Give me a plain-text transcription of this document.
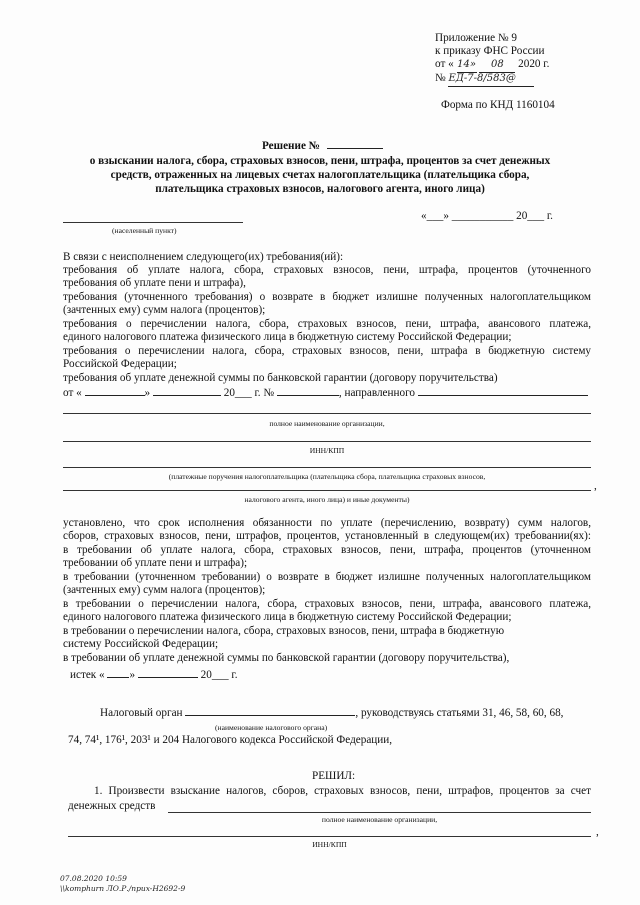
Приложение № 9
к приказу ФНС России
от « 14» 08 2020 г.
№ ЕД-7-8/583@
Форма по КНД 1160104
Решение №
о взыскании налога, сбора, страховых взносов, пени, штрафа, процентов за счет денежных
средств, отраженных на лицевых счетах налогоплательщика (плательщика сбора,
плательщика страховых взносов, налогового агента, иного лица)
(населенный пункт)
«___» ___________ 20___ г.
В связи с неисполнением следующего(их) требования(ий):
требования об уплате налога, сбора, страховых взносов, пени, штрафа, процентов (уточненного
требования об уплате пени и штрафа),
требования (уточненного требования) о возврате в бюджет излишне полученных налогоплательщиком
(зачтенных ему) сумм налога (процентов);
требования о перечислении налога, сбора, страховых взносов, пени, штрафа, авансового платежа,
единого налогового платежа физического лица в бюджетную систему Российской Федерации;
требования о перечислении налога, сбора, страховых взносов, пени, штрафа в бюджетную систему
Российской Федерации;
требования об уплате денежной суммы по банковской гарантии (договору поручительства)
от «	»	20___ г. №	, направленного
полное наименование организации,
ИНН/КПП
(платежные поручения налогоплательщика (плательщика сбора, плательщика страховых взносов,
,
налогового агента, иного лица) и иные документы)
установлено, что срок исполнения обязанности по уплате (перечислению, возврату) сумм налогов,
сборов, страховых взносов, пени, штрафов, процентов, установленный в следующем(их) требовании(ях):
в требовании об уплате налога, сбора, страховых взносов, пени, штрафа, процентов (уточненном
требовании об уплате пени и штрафа);
в требовании (уточненном требовании) о возврате в бюджет излишне полученных налогоплательщиком
(зачтенных ему) сумм налога (процентов);
в требовании о перечислении налога, сбора, страховых взносов, пени, штрафа, авансового платежа,
единого налогового платежа физического лица в бюджетную систему Российской Федерации;
в требовании о перечислении налога, сбора, страховых взносов, пени, штрафа в бюджетную
систему Российской Федерации;
в требовании об уплате денежной суммы по банковской гарантии (договору поручительства),
истек « »	20___ г.
Налоговый орган	, руководствуясь статьями 31, 46, 58, 60, 68,
(наименование налогового органа)
74, 74¹, 176¹, 203¹ и 204 Налогового кодекса Российской Федерации,
РЕШИЛ:
1. Произвести взыскание налогов, сборов, страховых взносов, пени, штрафов, процентов за счет
денежных средств
полное наименование организации,
,
ИНН/КПП
07.08.2020 10:59
\\komphurn ЛО.Р./приx-Н2692-9
